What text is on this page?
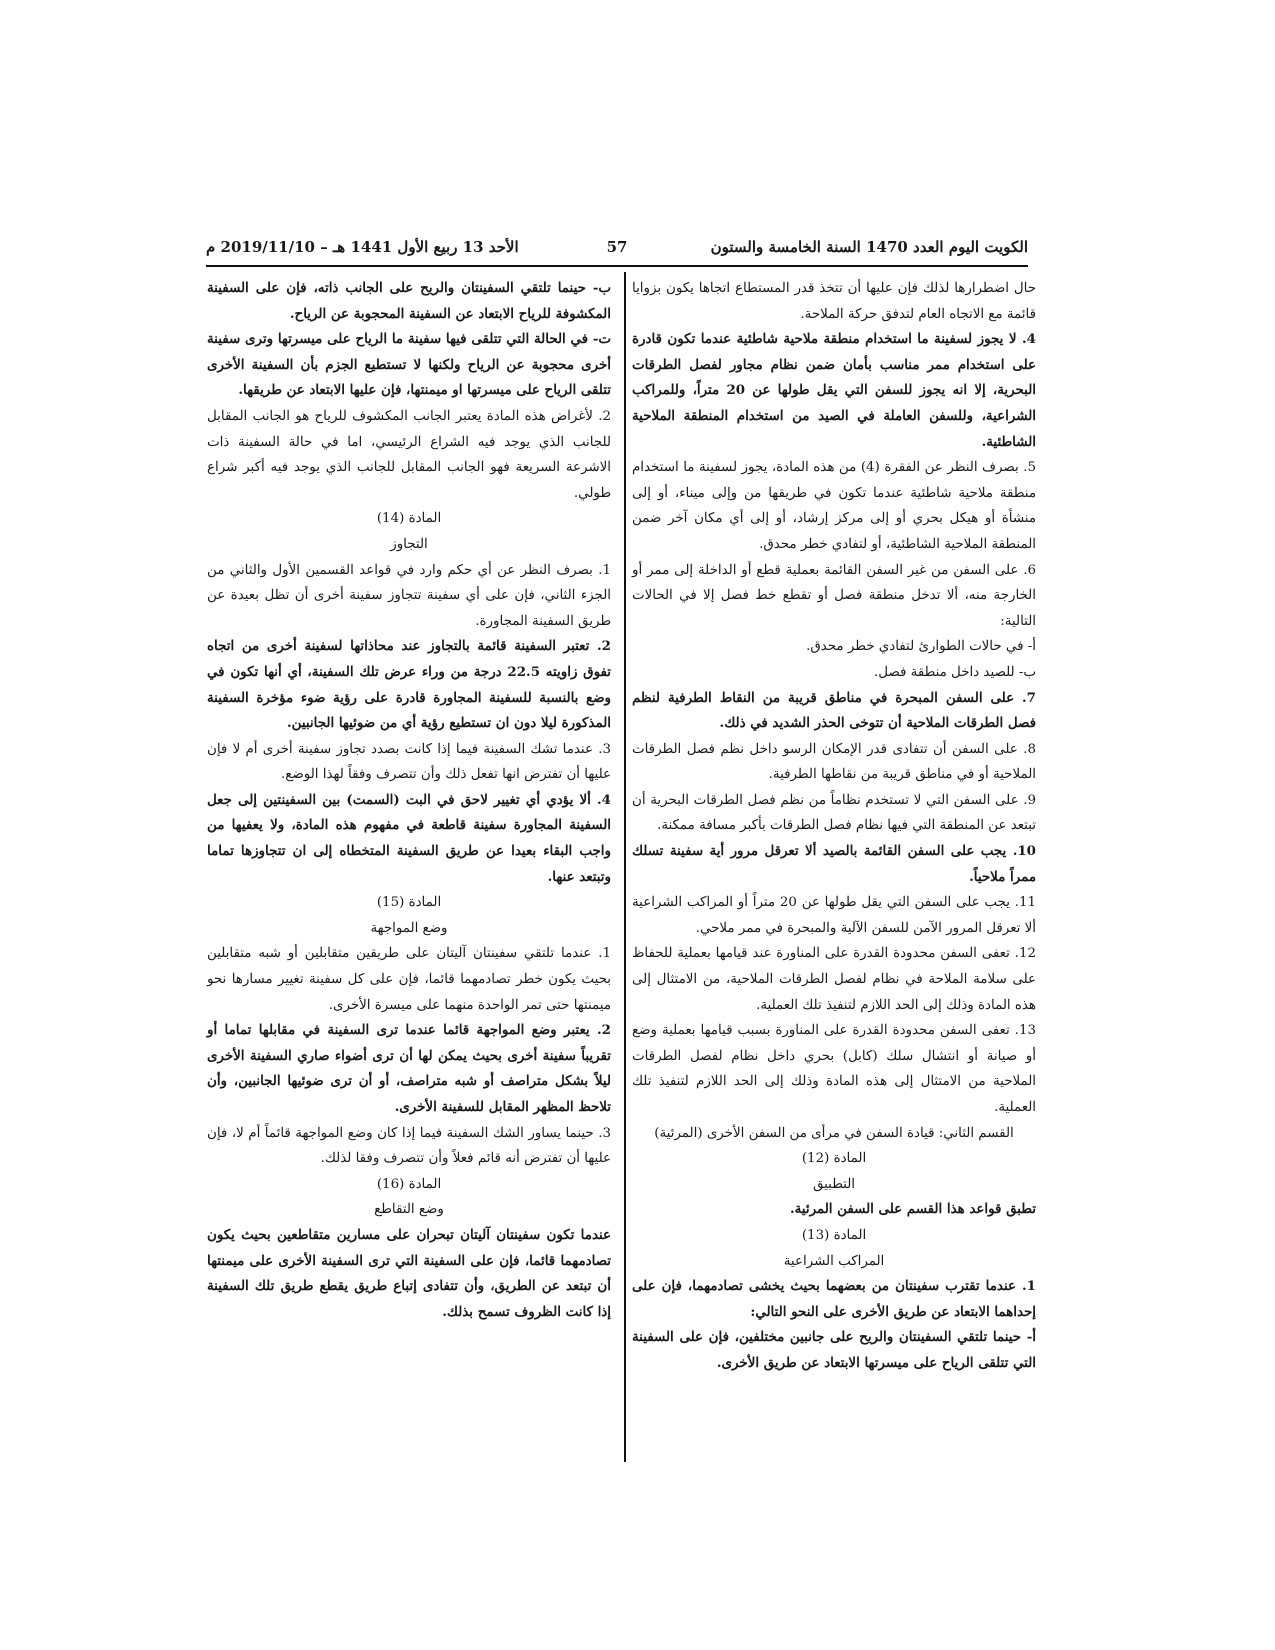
الكويت اليوم العدد 1470 السنة الخامسة والستون
57
الأحد 13 ربيع الأول 1441 هـ – 2019/11/10 م

حال اضطرارها لذلك فإن عليها أن تتخذ قدر المستطاع اتجاها يكون بزوايا قائمة مع الاتجاه العام لتدفق حركة الملاحة.

4. لا يجوز لسفينة ما استخدام منطقة ملاحية شاطئية عندما تكون قادرة على استخدام ممر مناسب بأمان ضمن نظام مجاور لفصل الطرقات البحرية، إلا انه يجوز للسفن التي يقل طولها عن 20 متراً، وللمراكب الشراعية، وللسفن العاملة في الصيد من استخدام المنطقة الملاحية الشاطئية.

5. بصرف النظر عن الفقرة (4) من هذه المادة، يجوز لسفينة ما استخدام منطقة ملاحية شاطئية عندما تكون في طريقها من وإلى ميناء، أو إلى منشأة أو هيكل بحري أو إلى مركز إرشاد، أو إلى أي مكان آخر ضمن المنطقة الملاحية الشاطئية، أو لتفادي خطر محدق.

6. على السفن من غير السفن القائمة بعملية قطع أو الداخلة إلى ممر أو الخارجة منه، ألا تدخل منطقة فصل أو تقطع خط فصل إلا في الحالات التالية:

أ- في حالات الطوارئ لتفادي خطر محدق.

ب- للصيد داخل منطقة فصل.

7. على السفن المبحرة في مناطق قريبة من النقاط الطرفية لنظم فصل الطرقات الملاحية أن تتوخى الحذر الشديد في ذلك.

8. على السفن أن تتفادى قدر الإمكان الرسو داخل نظم فصل الطرقات الملاحية أو في مناطق قريبة من نقاطها الطرفية.

9. على السفن التي لا تستخدم نظاماً من نظم فصل الطرقات البحرية أن تبتعد عن المنطقة التي فيها نظام فصل الطرقات بأكبر مسافة ممكنة.

10. يجب على السفن القائمة بالصيد ألا تعرقل مرور أية سفينة تسلك ممراً ملاحياً.

11. يجب على السفن التي يقل طولها عن 20 متراً أو المراكب الشراعية ألا تعرقل المرور الآمن للسفن الآلية والمبحرة في ممر ملاحي.

12. تعفى السفن محدودة القدرة على المناورة عند قيامها بعملية للحفاظ على سلامة الملاحة في نظام لفصل الطرقات الملاحية، من الامتثال إلى هذه المادة وذلك إلى الحد اللازم لتنفيذ تلك العملية.

13. تعفى السفن محدودة القدرة على المناورة بسبب قيامها بعملية وضع أو صيانة أو انتشال سلك (كابل) بحري داخل نظام لفصل الطرقات الملاحية من الامتثال إلى هذه المادة وذلك إلى الحد اللازم لتنفيذ تلك العملية.

القسم الثاني: قيادة السفن في مرأى من السفن الأخرى (المرئية)

المادة (12)

التطبيق

تطبق قواعد هذا القسم على السفن المرئية.

المادة (13)

المراكب الشراعية

1. عندما تقترب سفينتان من بعضهما بحيث يخشى تصادمهما، فإن على إحداهما الابتعاد عن طريق الأخرى على النحو التالي:

أ- حينما تلتقي السفينتان والريح على جانبين مختلفين، فإن على السفينة التي تتلقى الرياح على ميسرتها الابتعاد عن طريق الأخرى.

ب- حينما تلتقي السفينتان والريح على الجانب ذاته، فإن على السفينة المكشوفة للرياح الابتعاد عن السفينة المحجوبة عن الرياح.

ت- في الحالة التي تتلقى فيها سفينة ما الرياح على ميسرتها وترى سفينة أخرى محجوبة عن الرياح ولكنها لا تستطيع الجزم بأن السفينة الأخرى تتلقى الرياح على ميسرتها او ميمنتها، فإن عليها الابتعاد عن طريقها.

2. لأغراض هذه المادة يعتبر الجانب المكشوف للرياح هو الجانب المقابل للجانب الذي يوجد فيه الشراع الرئيسي، اما في حالة السفينة ذات الاشرعة السريعة فهو الجانب المقابل للجانب الذي يوجد فيه أكبر شراع طولي.

المادة (14)

التجاوز

1. بصرف النظر عن أي حكم وارد في قواعد القسمين الأول والثاني من الجزء الثاني، فإن على أي سفينة تتجاوز سفينة أخرى أن تظل بعيدة عن طريق السفينة المجاورة.

2. تعتبر السفينة قائمة بالتجاوز عند محاذاتها لسفينة أخرى من اتجاه تفوق زاويته 22.5 درجة من وراء عرض تلك السفينة، أي أنها تكون في وضع بالنسبة للسفينة المجاورة قادرة على رؤية ضوء مؤخرة السفينة المذكورة ليلا دون ان تستطيع رؤية أي من ضوئيها الجانبين.

3. عندما تشك السفينة فيما إذا كانت بصدد تجاوز سفينة أخرى أم لا فإن عليها أن تفترض انها تفعل ذلك وأن تتصرف وفقاً لهذا الوضع.

4. ألا يؤدي أي تغيير لاحق في البت (السمت) بين السفينتين إلى جعل السفينة المجاورة سفينة قاطعة في مفهوم هذه المادة، ولا يعفيها من واجب البقاء بعيدا عن طريق السفينة المتخطاه إلى ان تتجاوزها تماما وتبتعد عنها.

المادة (15)

وضع المواجهة

1. عندما تلتقي سفينتان آليتان على طريقين متقابلين أو شبه متقابلين بحيث يكون خطر تصادمهما قائما، فإن على كل سفينة تغيير مسارها نحو ميمنتها حتى تمر الواحدة منهما على ميسرة الأخرى.

2. يعتبر وضع المواجهة قائما عندما ترى السفينة في مقابلها تماما أو تقريباً سفينة أخرى بحيث يمكن لها أن ترى أضواء صاري السفينة الأخرى ليلاً بشكل متراصف أو شبه متراصف، أو أن ترى ضوئيها الجانبين، وأن تلاحظ المظهر المقابل للسفينة الأخرى.

3. حينما يساور الشك السفينة فيما إذا كان وضع المواجهة قائماً أم لا، فإن عليها أن تفترض أنه قائم فعلاً وأن تتصرف وفقا لذلك.

المادة (16)

وضع التقاطع

عندما تكون سفينتان آليتان تبحران على مسارين متقاطعين بحيث يكون تصادمهما قائما، فإن على السفينة التي ترى السفينة الأخرى على ميمنتها أن تبتعد عن الطريق، وأن تتفادى إتباع طريق يقطع طريق تلك السفينة إذا كانت الظروف تسمح بذلك.
